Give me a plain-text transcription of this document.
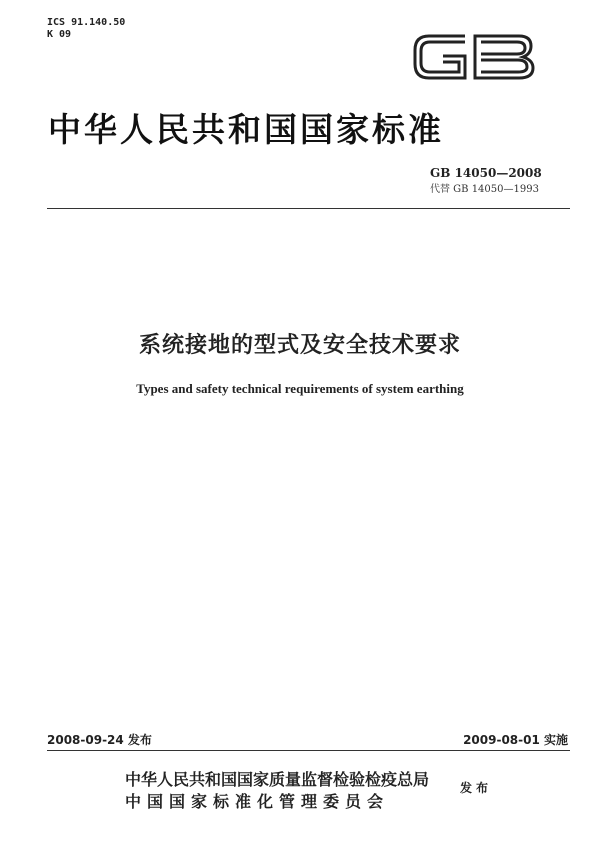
ICS 91.140.50
K 09
中华人民共和国国家标准
GB 14050—2008
代替 GB 14050—1993
系统接地的型式及安全技术要求
Types and safety technical requirements of system earthing
2008-09-24 发布	2009-08-01 实施
中华人民共和国国家质量监督检验检疫总局
中国国家标准化管理委员会
发布
